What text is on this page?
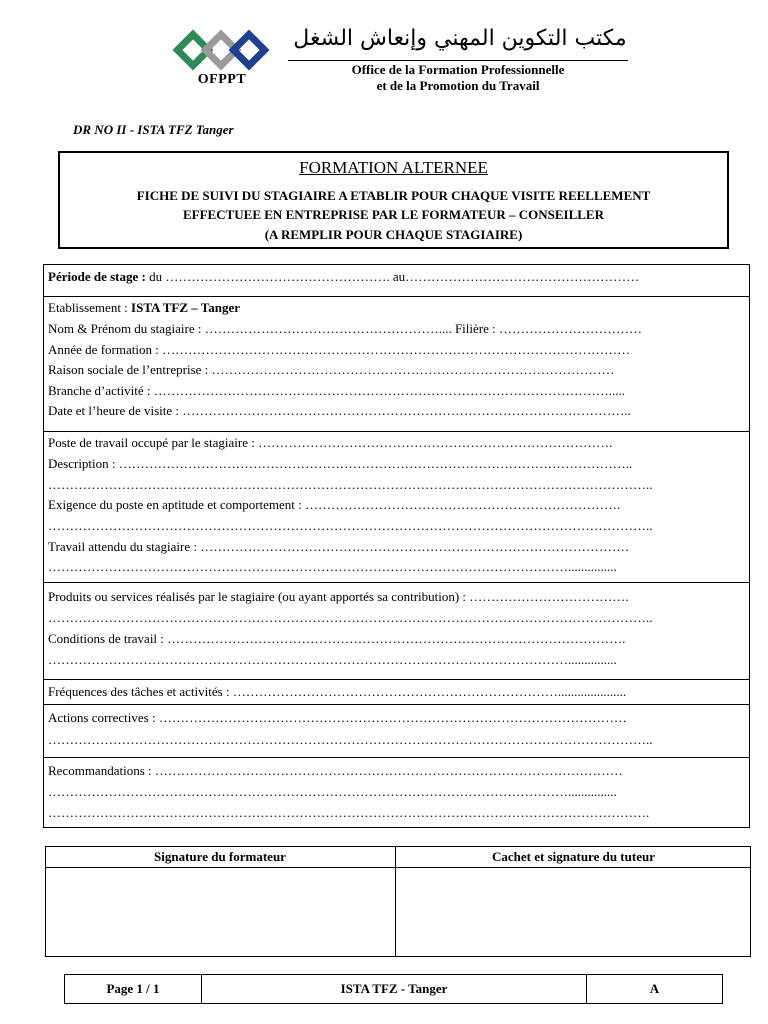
OFPPT
مكتب التكوين المهني وإنعاش الشغل
Office de la Formation Professionnelle
et de la Promotion du Travail
DR NO II - ISTA TFZ Tanger
FORMATION ALTERNEE
FICHE DE SUIVI DU STAGIAIRE A ETABLIR POUR CHAQUE VISITE REELLEMENT
EFFECTUEE EN ENTREPRISE PAR LE FORMATEUR – CONSEILLER
(A REMPLIR POUR CHAQUE STAGIAIRE)
Période de stage : du ……………………………………………. au………………………………………………
Etablissement : ISTA TFZ – Tanger
Nom & Prénom du stagiaire : ……………………………………………….... Filière : ……………………………
Année de formation : ………………………………………………………………………………………………
Raison sociale de l’entreprise : …………………………………………………………………………………
Branche d’activité : …………………………………………………………………………………………….....
Date et l’heure de visite : …………………………………………………………………………………………..
Poste de travail occupé par le stagiaire : ……………………………………………………………………….
Description : ………………………………………………………………………………………………………..
…………………………………………………………………………………………………………………………..
Exigence du poste en aptitude et comportement : ……………………………………………………………….
…………………………………………………………………………………………………………………………..
Travail attendu du stagiaire : ………………………………………………………………………………………
…………………………………………………………………………………………………………...............
Produits ou services réalisés par le stagiaire (ou ayant apportés sa contribution) : ……………………………….
…………………………………………………………………………………………………………………………..
Conditions de travail : …………………………………………………………………………………………….
…………………………………………………………………………………………………………...............
Fréquences des tâches et activités : ………………………………………………………………….....................
Actions correctives : ………………………………………………………………………………………………
…………………………………………………………………………………………………………………………..
Recommandations : ………………………………………………………………………………………………
…………………………………………………………………………………………………………...............
………………………………………………………………………………………………………………………….
Signature du formateur	Cachet et signature du tuteur
Page 1 / 1	ISTA TFZ - Tanger	A
